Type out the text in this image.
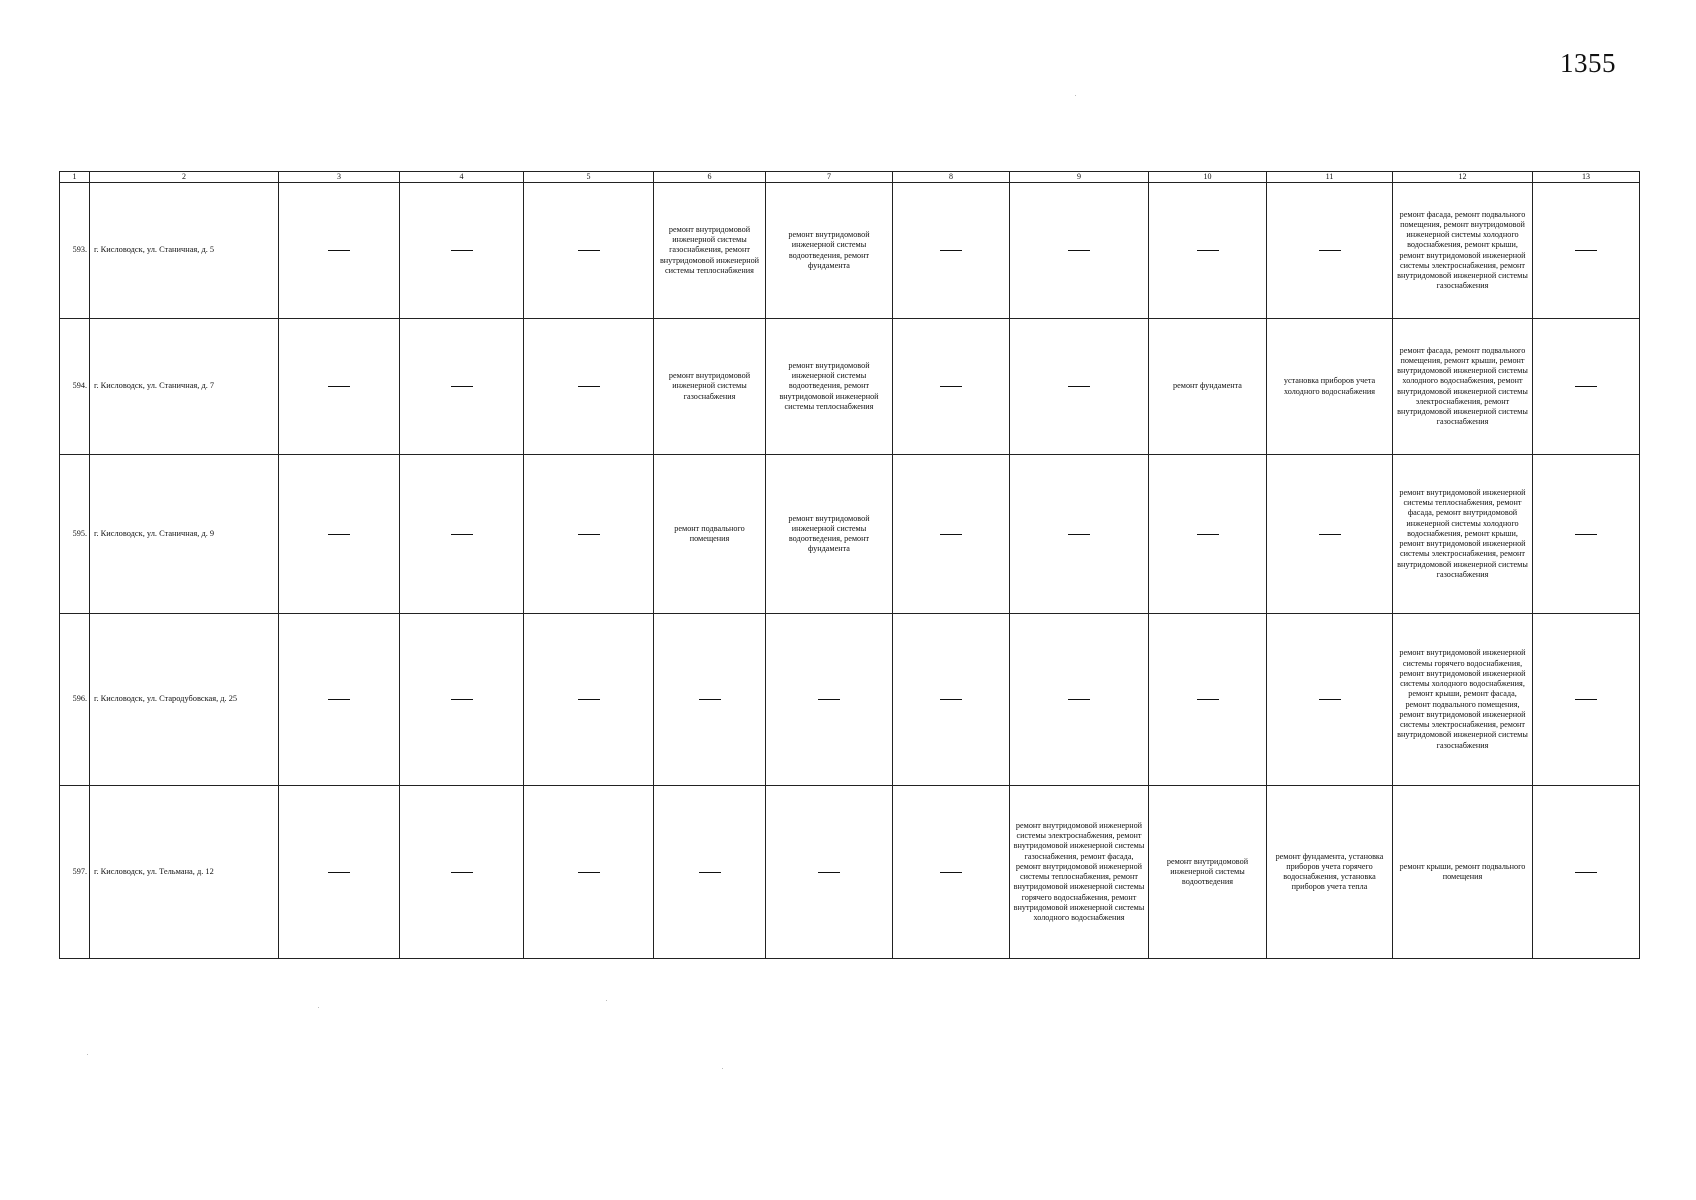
1355
1	2	3	4	5	6	7	8	9	10	11	12	13
593.	г. Кисловодск, ул. Станичная, д. 5				ремонт внутридомовой инженерной системы газоснабжения, ремонт внутридомовой инженерной системы теплоснабжения	ремонт внутридомовой инженерной системы водоотведения, ремонт фундамента					ремонт фасада, ремонт подвального помещения, ремонт внутридомовой инженерной системы холодного водоснабжения, ремонт крыши, ремонт внутридомовой инженерной системы электроснабжения, ремонт внутридомовой инженерной системы газоснабжения	
594.	г. Кисловодск, ул. Станичная, д. 7				ремонт внутридомовой инженерной системы газоснабжения	ремонт внутридомовой инженерной системы водоотведения, ремонт внутридомовой инженерной системы теплоснабжения			ремонт фундамента	установка приборов учета холодного водоснабжения	ремонт фасада, ремонт подвального помещения, ремонт крыши, ремонт внутридомовой инженерной системы холодного водоснабжения, ремонт внутридомовой инженерной системы электроснабжения, ремонт внутридомовой инженерной системы газоснабжения	
595.	г. Кисловодск, ул. Станичная, д. 9				ремонт подвального помещения	ремонт внутридомовой инженерной системы водоотведения, ремонт фундамента					ремонт внутридомовой инженерной системы теплоснабжения, ремонт фасада, ремонт внутридомовой инженерной системы холодного водоснабжения, ремонт крыши, ремонт внутридомовой инженерной системы электроснабжения, ремонт внутридомовой инженерной системы газоснабжения	
596.	г. Кисловодск, ул. Стародубовская, д. 25										ремонт внутридомовой инженерной системы горячего водоснабжения, ремонт внутридомовой инженерной системы холодного водоснабжения, ремонт крыши, ремонт фасада, ремонт подвального помещения, ремонт внутридомовой инженерной системы электроснабжения, ремонт внутридомовой инженерной системы газоснабжения	
597.	г. Кисловодск, ул. Тельмана, д. 12							ремонт внутридомовой инженерной системы электроснабжения, ремонт внутридомовой инженерной системы газоснабжения, ремонт фасада, ремонт внутридомовой инженерной системы теплоснабжения, ремонт внутридомовой инженерной системы горячего водоснабжения, ремонт внутридомовой инженерной системы холодного водоснабжения	ремонт внутридомовой инженерной системы водоотведения	ремонт фундамента, установка приборов учета горячего водоснабжения, установка приборов учета тепла	ремонт крыши, ремонт подвального помещения	
